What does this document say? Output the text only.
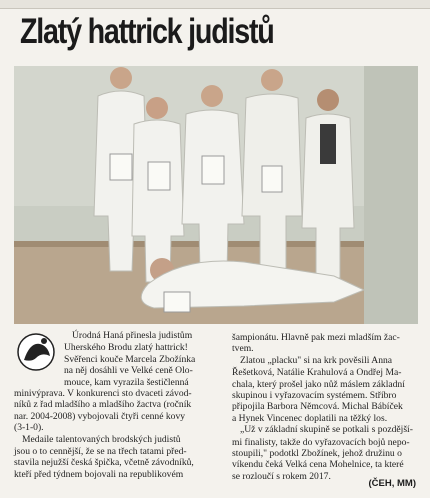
Zlatý hattrick judistů
Úrodná Haná přinesla judistům
Uherského Brodu zlatý hattrick!
Svěřenci kouče Marcela Zbožínka
na něj dosáhli ve Velké ceně Olo-
mouce, kam vyrazila šestičlenná
minivýprava. V konkurenci sto dvaceti závod-
níků z řad mladšího a mladšího žactva (ročník
nar. 2004-2008) vybojovali čtyři cenné kovy
(3-1-0).
Medaile talentovaných brodských judistů
jsou o to cennější, že se na třech tatami před-
stavila nejužší česká špička, včetně závodníků,
kteří před týdnem bojovali na republikovém
šampionátu. Hlavně pak mezi mladším žac-
tvem.
Zlatou „placku" si na krk pověsili Anna
Řešetková, Natálie Krahulová a Ondřej Ma-
chala, který prošel jako nůž máslem základní
skupinou i vyřazovacím systémem. Stříbro
připojila Barbora Němcová. Michal Bábíček
a Hynek Vincenec doplatili na těžký los.
„Už v základní skupině se potkali s pozdější-
mi finalisty, takže do vyřazovacích bojů nepo-
stoupili," podotkl Zbožínek, jehož družinu o
víkendu čeká Velká cena Mohelnice, ta které
se rozloučí s rokem 2017.
(ČEH, MM)
